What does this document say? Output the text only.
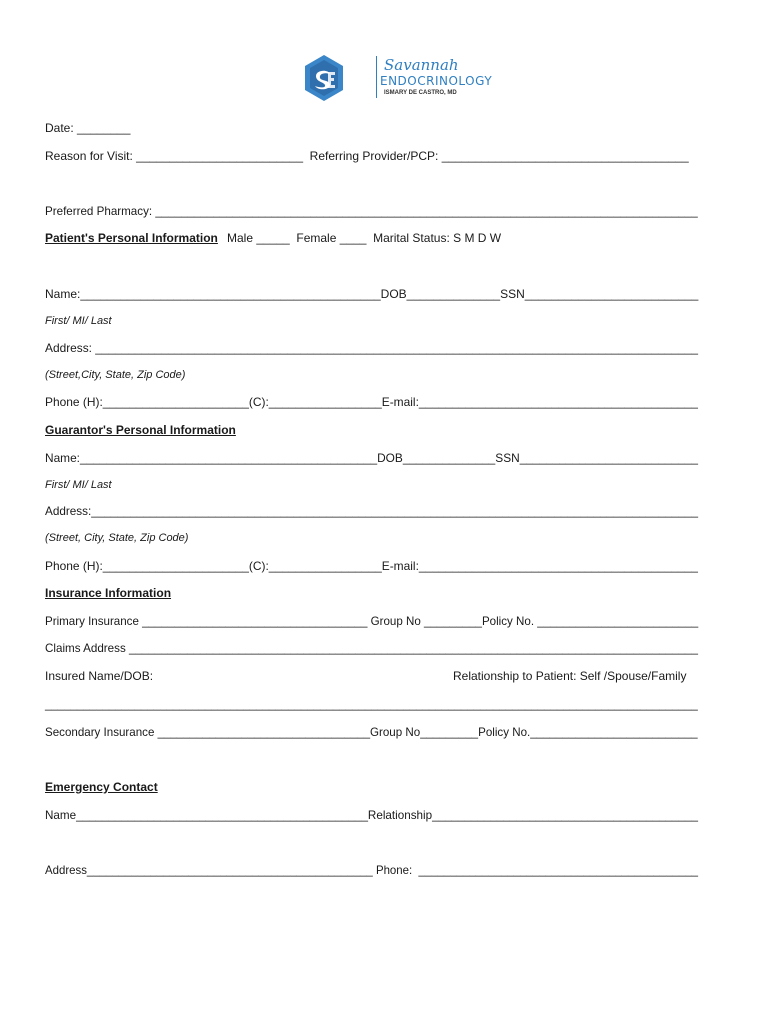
Savannah
ENDOCRINOLOGY
ISMARY DE CASTRO, MD
Date: ________
Reason for Visit: _________________________  Referring Provider/PCP: _____________________________________
Preferred Pharmacy: ____________________________________________________________________________________
Patient's Personal Information Male _____  Female ____  Marital Status: S M D W
Name:_____________________________________________DOB______________SSN__________________________
First/ MI/ Last
Address: ___________________________________________________________________________________________
(Street,City, State, Zip Code)
Phone (H):______________________(C):_________________E-mail:__________________________________________
Guarantor's Personal Information
Name:_____________________________________________DOB______________SSN___________________________
First/ MI/ Last
Address:_____________________________________________________________________________________________
(Street, City, State, Zip Code)
Phone (H):______________________(C):_________________E-mail:__________________________________________
Insurance Information
Primary Insurance ___________________________________ Group No _________Policy No. _________________________
Claims Address ________________________________________________________________________________________
Insured Name/DOB:	Relationship to Patient: Self /Spouse/Family
______________________________________________________________________________________________________
Secondary Insurance _________________________________Group No_________Policy No.__________________________
Emergency Contact
Name_____________________________________________Relationship_________________________________________
Address_____________________________________________ Phone:  ____________________________________________
